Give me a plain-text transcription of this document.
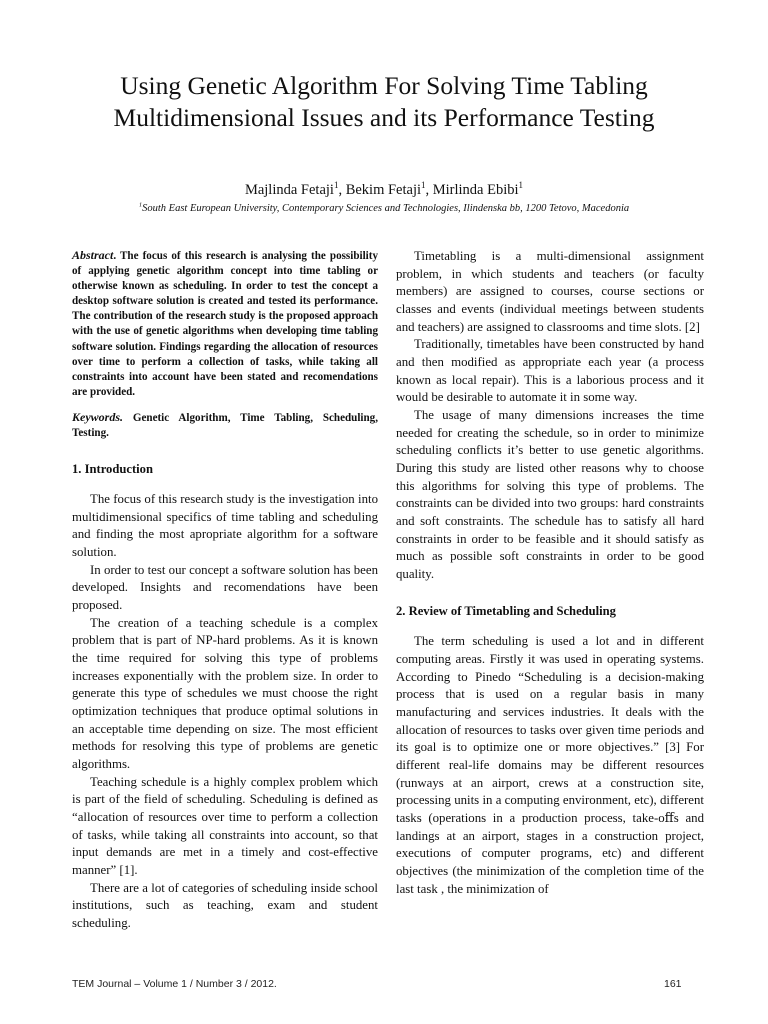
Using Genetic Algorithm For Solving Time Tabling Multidimensional Issues and its Performance Testing
Majlinda Fetaji$^1$, Bekim Fetaji$^1$, Mirlinda Ebibi$^1$
$^1$South East European University, Contemporary Sciences and Technologies, Ilindenska bb, 1200 Tetovo, Macedonia

Abstract. The focus of this research is analysing the possibility of applying genetic algorithm concept into time tabling or otherwise known as scheduling. In order to test the concept a desktop software solution is created and tested its performance. The contribution of the research study is the proposed approach with the use of genetic algorithms when developing time tabling software solution. Findings regarding the allocation of resources over time to perform a collection of tasks, while taking all constraints into account have been stated and recomendations are provided.

Keywords. Genetic Algorithm, Time Tabling, Scheduling, Testing.

1. Introduction

The focus of this research study is the investigation into multidimensional specifics of time tabling and scheduling and finding the most apropriate algorithm for a software solution.

In order to test our concept a software solution has been developed. Insights and recomendations have been proposed.

The creation of a teaching schedule is a complex problem that is part of NP-hard problems. As it is known the time required for solving this type of problems increases exponentially with the problem size. In order to generate this type of schedules we must choose the right optimization techniques that produce optimal solutions in an acceptable time depending on size. The most efficient methods for resolving this type of problems are genetic algorithms.

Teaching schedule is a highly complex problem which is part of the field of scheduling. Scheduling is defined as “allocation of resources over time to perform a collection of tasks, while taking all constraints into account, so that input demands are met in a timely and cost-effective manner” [1].

There are a lot of categories of scheduling inside school institutions, such as teaching, exam and student scheduling.

Timetabling is a multi-dimensional assignment problem, in which students and teachers (or faculty members) are assigned to courses, course sections or classes and events (individual meetings between students and teachers) are assigned to classrooms and time slots. [2]

Traditionally, timetables have been constructed by hand and then modified as appropriate each year (a process known as local repair). This is a laborious process and it would be desirable to automate it in some way.

The usage of many dimensions increases the time needed for creating the schedule, so in order to minimize scheduling conflicts it’s better to use genetic algorithms. During this study are listed other reasons why to choose this algorithms for solving this type of problems. The constraints can be divided into two groups: hard constraints and soft constraints. The schedule has to satisfy all hard constraints in order to be feasible and it should satisfy as much as possible soft constraints in order to be good quality.

2. Review of Timetabling and Scheduling

The term scheduling is used a lot and in different computing areas. Firstly it was used in operating systems. According to Pinedo “Scheduling is a decision-making process that is used on a regular basis in many manufacturing and services industries. It deals with the allocation of resources to tasks over given time periods and its goal is to optimize one or more objectives.” [3] For different real-life domains may be different resources (runways at an airport, crews at a construction site, processing units in a computing environment, etc), different tasks (operations in a production process, take-oﬀs and landings at an airport, stages in a construction project, executions of computer programs, etc) and different objectives (the minimization of the completion time of the last task , the minimization of

TEM Journal – Volume 1 / Number 3 / 2012.	161
